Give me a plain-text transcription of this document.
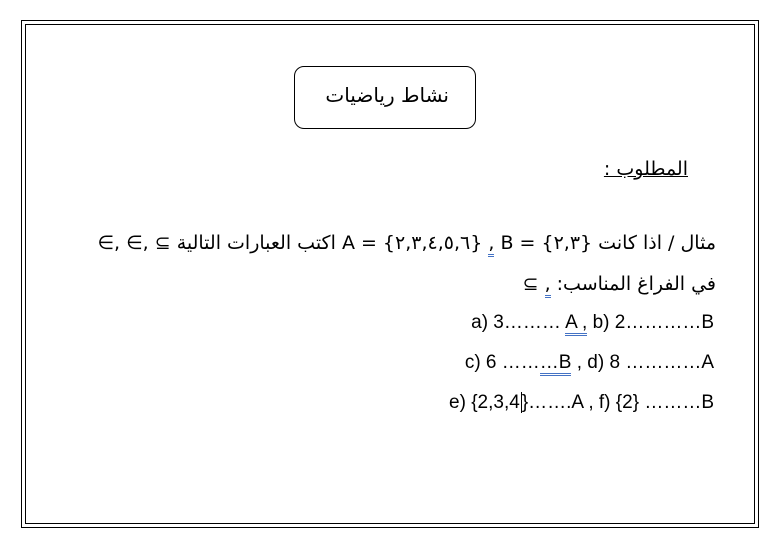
نشاط رياضيات
المطلوب :
∈, ∈, ⊆ اكتب العبارات التالية A = {٢,٣,٤,٥,٦} , B = {٢,٣} مثال / اذا كانت
⊆ , في الفراغ المناسب:
a) 3……… A , b) 2…………B
c) 6 ………B , d) 8 …………A
e) {2,3,4 }…….A , f) {2} ………B
